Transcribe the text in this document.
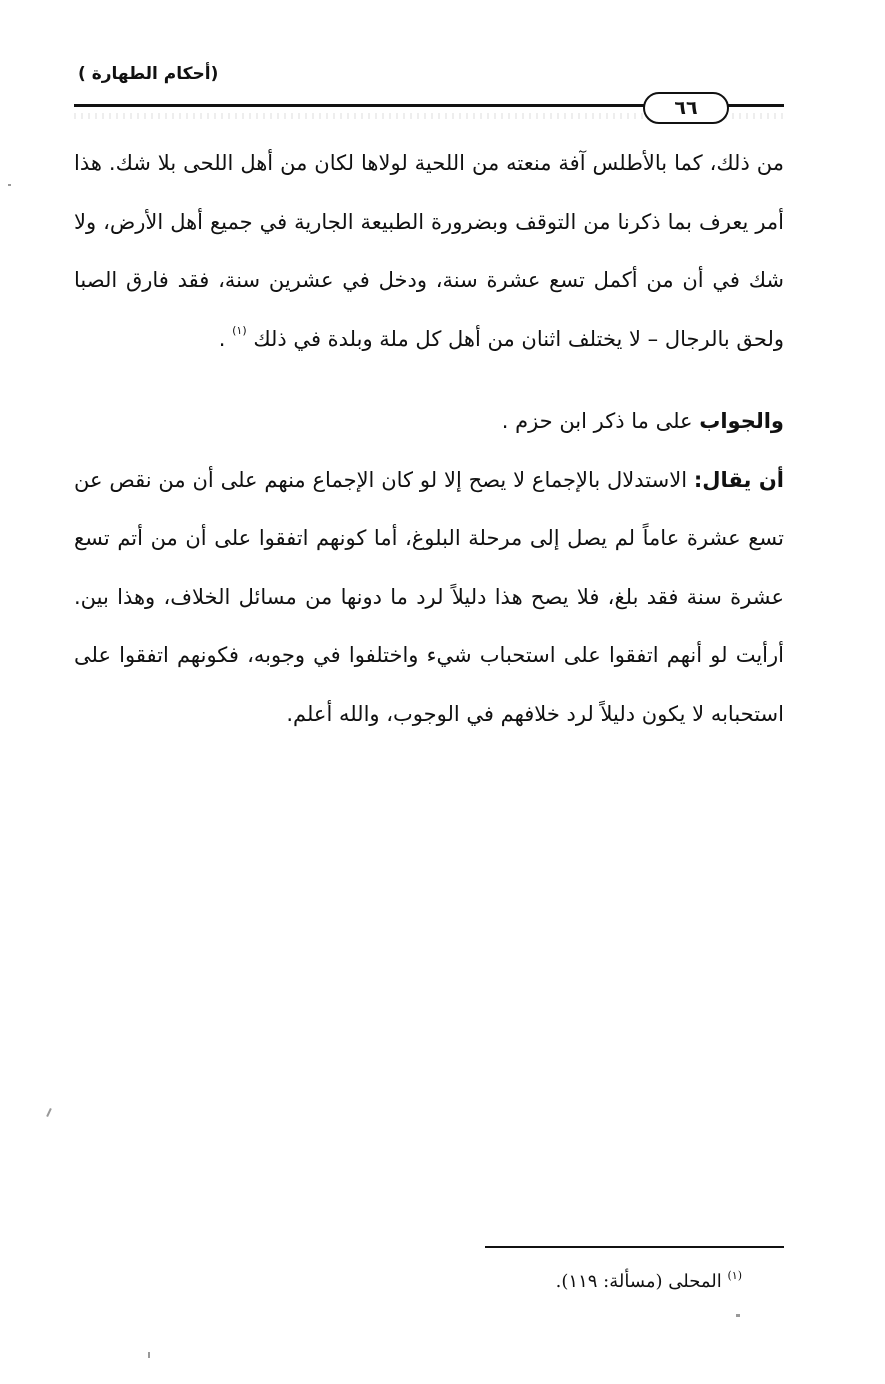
(أحكام الطهارة )
٦٦

من ذلك، كما بالأطلس آفة منعته من اللحية لولاها لكان من أهل اللحى بلا شك. هذا أمر يعرف بما ذكرنا من التوقف وبضرورة الطبيعة الجارية في جميع أهل الأرض، ولا شك في أن من أكمل تسع عشرة سنة، ودخل في عشرين سنة، فقد فارق الصبا ولحق بالرجال – لا يختلف اثنان من أهل كل ملة وبلدة في ذلك $^{(١)}$ .

والجواب على ما ذكر ابن حزم .

أن يقال: الاستدلال بالإجماع لا يصح إلا لو كان الإجماع منهم على أن من نقص عن تسع عشرة عاماً لم يصل إلى مرحلة البلوغ، أما كونهم اتفقوا على أن من أتم تسع عشرة سنة فقد بلغ، فلا يصح هذا دليلاً لرد ما دونها من مسائل الخلاف، وهذا بين. أرأيت لو أنهم اتفقوا على استحباب شيء واختلفوا في وجوبه، فكونهم اتفقوا على استحبابه لا يكون دليلاً لرد خلافهم في الوجوب، والله أعلم.

$^{(١)}$ المحلى (مسألة: ١١٩).
